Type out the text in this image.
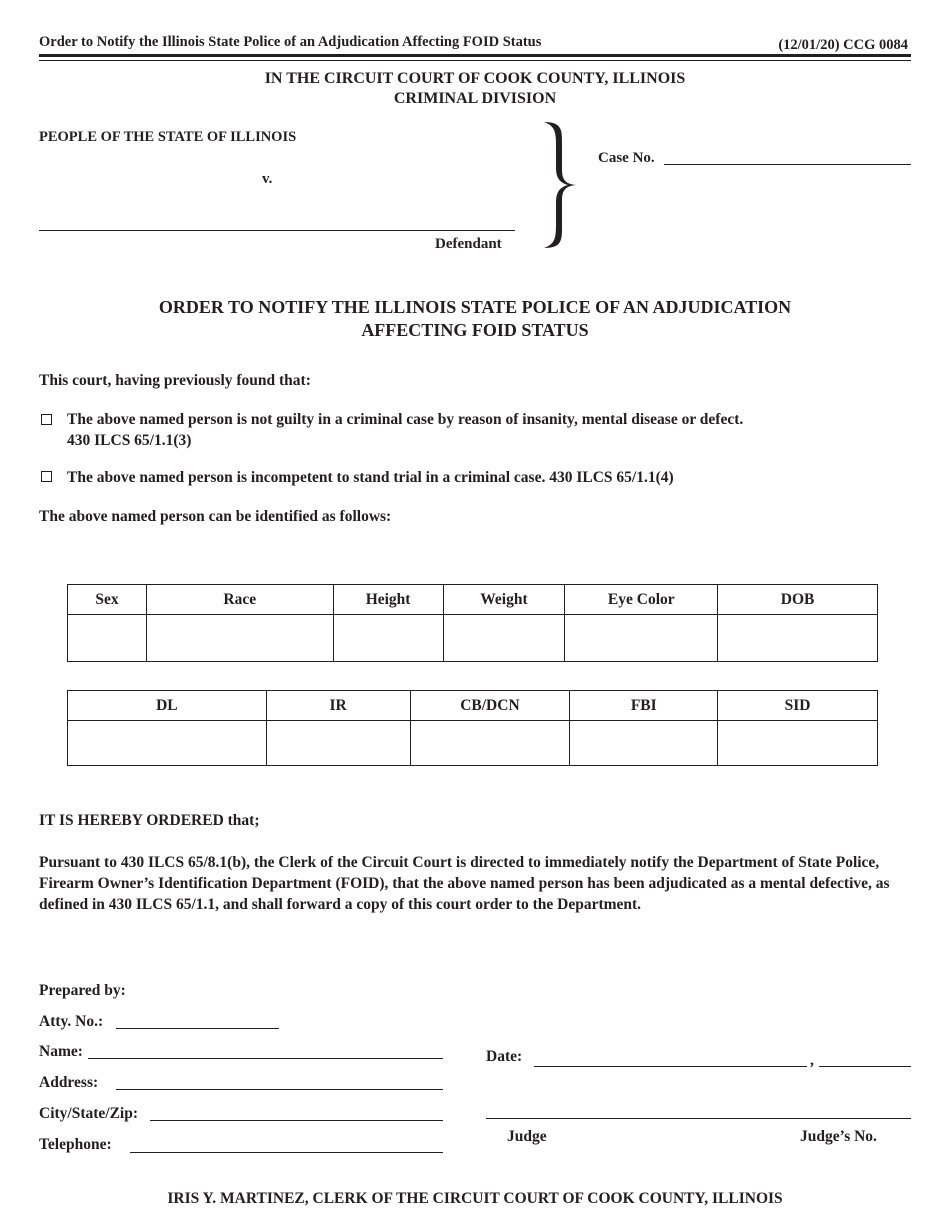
Order to Notify the Illinois State Police of an Adjudication Affecting FOID Status	(12/01/20) CCG 0084
IN THE CIRCUIT COURT OF COOK COUNTY, ILLINOIS
CRIMINAL DIVISION
PEOPLE OF THE STATE OF ILLINOIS
v.
Defendant
Case No.
ORDER TO NOTIFY THE ILLINOIS STATE POLICE OF AN ADJUDICATION
AFFECTING FOID STATUS
This court, having previously found that:
The above named person is not guilty in a criminal case by reason of insanity, mental disease or defect.
430 ILCS 65/1.1(3)
The above named person is incompetent to stand trial in a criminal case. 430 ILCS 65/1.1(4)
The above named person can be identified as follows:
Sex	Race	Height	Weight	Eye Color	DOB

DL	IR	CB/DCN	FBI	SID

IT IS HEREBY ORDERED that;
Pursuant to 430 ILCS 65/8.1(b), the Clerk of the Circuit Court is directed to immediately notify the Department of State Police, Firearm Owner’s Identification Department (FOID), that the above named person has been adjudicated as a mental defective, as defined in 430 ILCS 65/1.1, and shall forward a copy of this court order to the Department.
Prepared by:
Atty. No.:
Name:
Address:
City/State/Zip:
Telephone:
Date:	,
Judge	Judge’s No.
IRIS Y. MARTINEZ, CLERK OF THE CIRCUIT COURT OF COOK COUNTY, ILLINOIS
